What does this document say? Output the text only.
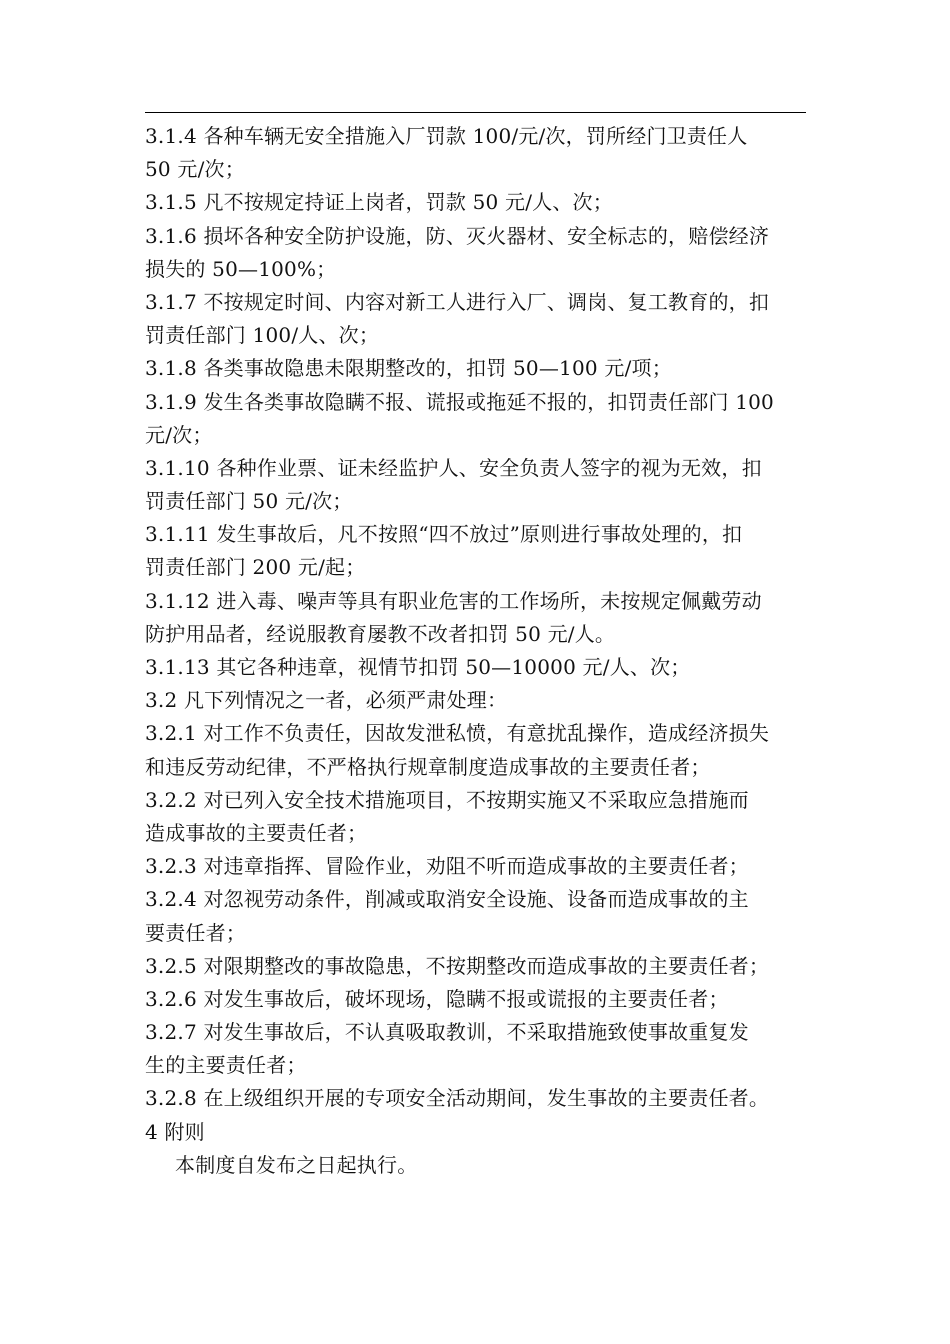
3.1.4 各种车辆无安全措施入厂罚款 100/元/次，罚所经门卫责任人
50 元/次；
3.1.5 凡不按规定持证上岗者，罚款 50 元/人、次；
3.1.6 损坏各种安全防护设施，防、灭火器材、安全标志的，赔偿经济
损失的 50—100%；
3.1.7 不按规定时间、内容对新工人进行入厂、调岗、复工教育的，扣
罚责任部门 100/人、次；
3.1.8 各类事故隐患未限期整改的，扣罚 50—100 元/项；
3.1.9 发生各类事故隐瞒不报、谎报或拖延不报的，扣罚责任部门 100
元/次；
3.1.10 各种作业票、证未经监护人、安全负责人签字的视为无效，扣
罚责任部门 50 元/次；
3.1.11 发生事故后，凡不按照“四不放过”原则进行事故处理的，扣
罚责任部门 200 元/起；
3.1.12 进入毒、噪声等具有职业危害的工作场所，未按规定佩戴劳动
防护用品者，经说服教育屡教不改者扣罚 50 元/人。
3.1.13 其它各种违章，视情节扣罚 50—10000 元/人、次；
3.2 凡下列情况之一者，必须严肃处理：
3.2.1 对工作不负责任，因故发泄私愤，有意扰乱操作，造成经济损失
和违反劳动纪律，不严格执行规章制度造成事故的主要责任者；
3.2.2 对已列入安全技术措施项目，不按期实施又不采取应急措施而
造成事故的主要责任者；
3.2.3 对违章指挥、冒险作业，劝阻不听而造成事故的主要责任者；
3.2.4 对忽视劳动条件，削减或取消安全设施、设备而造成事故的主
要责任者；
3.2.5 对限期整改的事故隐患，不按期整改而造成事故的主要责任者；
3.2.6 对发生事故后，破坏现场，隐瞒不报或谎报的主要责任者；
3.2.7 对发生事故后，不认真吸取教训，不采取措施致使事故重复发
生的主要责任者；
3.2.8 在上级组织开展的专项安全活动期间，发生事故的主要责任者。
4 附则
本制度自发布之日起执行。
